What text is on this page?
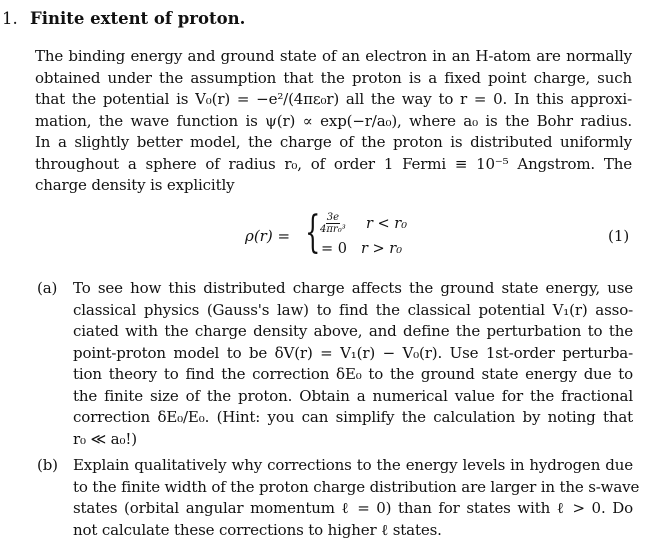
1. Finite extent of proton.
The binding energy and ground state of an electron in an H-atom are normally
obtained under the assumption that the proton is a fixed point charge, such
that the potential is V₀(r) = −e²/(4πε₀r) all the way to r = 0. In this approxi-
mation, the wave function is ψ(r) ∝ exp(−r/a₀), where a₀ is the Bohr radius.
In a slightly better model, the charge of the proton is distributed uniformly
throughout a sphere of radius r₀, of order 1 Fermi ≡ 10⁻⁵ Angstrom. The
charge density is explicitly
ρ(r) = { $\frac{3e}{\text{4πr₀³}}$ r < r₀
= 0 r > r₀
(1)
(a) To see how this distributed charge affects the ground state energy, use
classical physics (Gauss's law) to find the classical potential V₁(r) asso-
ciated with the charge density above, and define the perturbation to the
point-proton model to be δV(r) = V₁(r) − V₀(r). Use 1st-order perturba-
tion theory to find the correction δE₀ to the ground state energy due to
the finite size of the proton. Obtain a numerical value for the fractional
correction δE₀/E₀. (Hint: you can simplify the calculation by noting that
r₀ ≪ a₀!)
(b) Explain qualitatively why corrections to the energy levels in hydrogen due
to the finite width of the proton charge distribution are larger in the s-wave
states (orbital angular momentum ℓ = 0) than for states with ℓ > 0. Do
not calculate these corrections to higher ℓ states.
